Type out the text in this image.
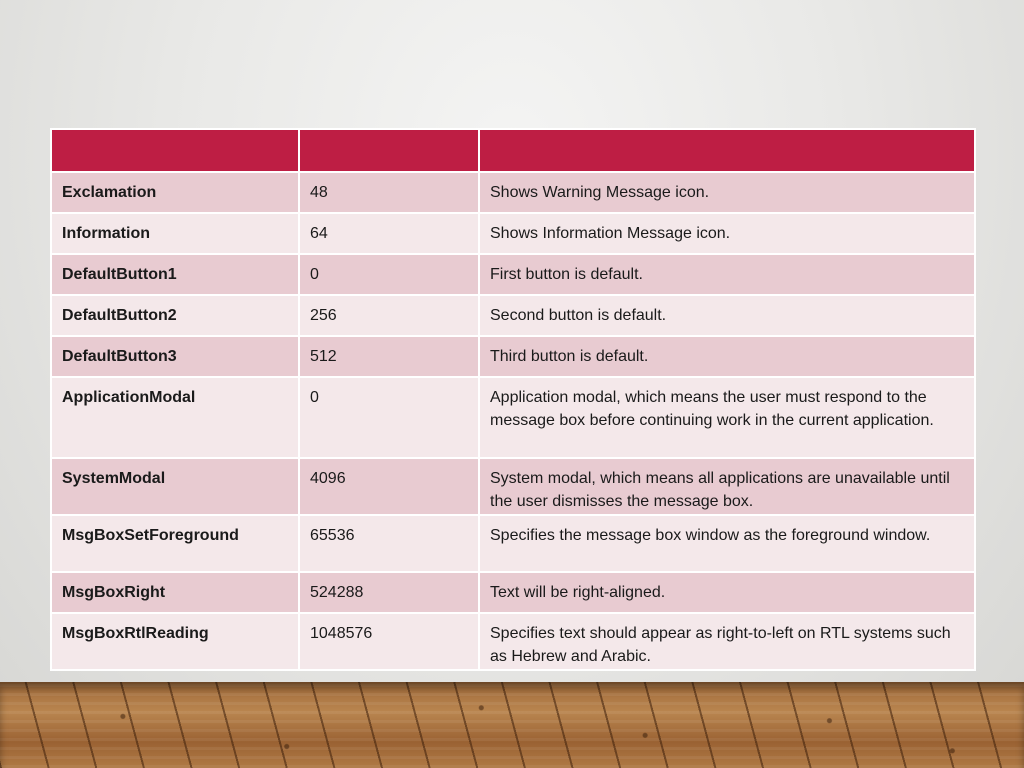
Exclamation	48	Shows Warning Message icon.
Information	64	Shows Information Message icon.
DefaultButton1	0	First button is default.
DefaultButton2	256	Second button is default.
DefaultButton3	512	Third button is default.
ApplicationModal	0	Application modal, which means the user must respond to the message box before continuing work in the current application.
SystemModal	4096	System modal, which means all applications are unavailable until the user dismisses the message box.
MsgBoxSetForeground	65536	Specifies the message box window as the foreground window.
MsgBoxRight	524288	Text will be right-aligned.
MsgBoxRtlReading	1048576	Specifies text should appear as right-to-left on RTL systems such as Hebrew and Arabic.
